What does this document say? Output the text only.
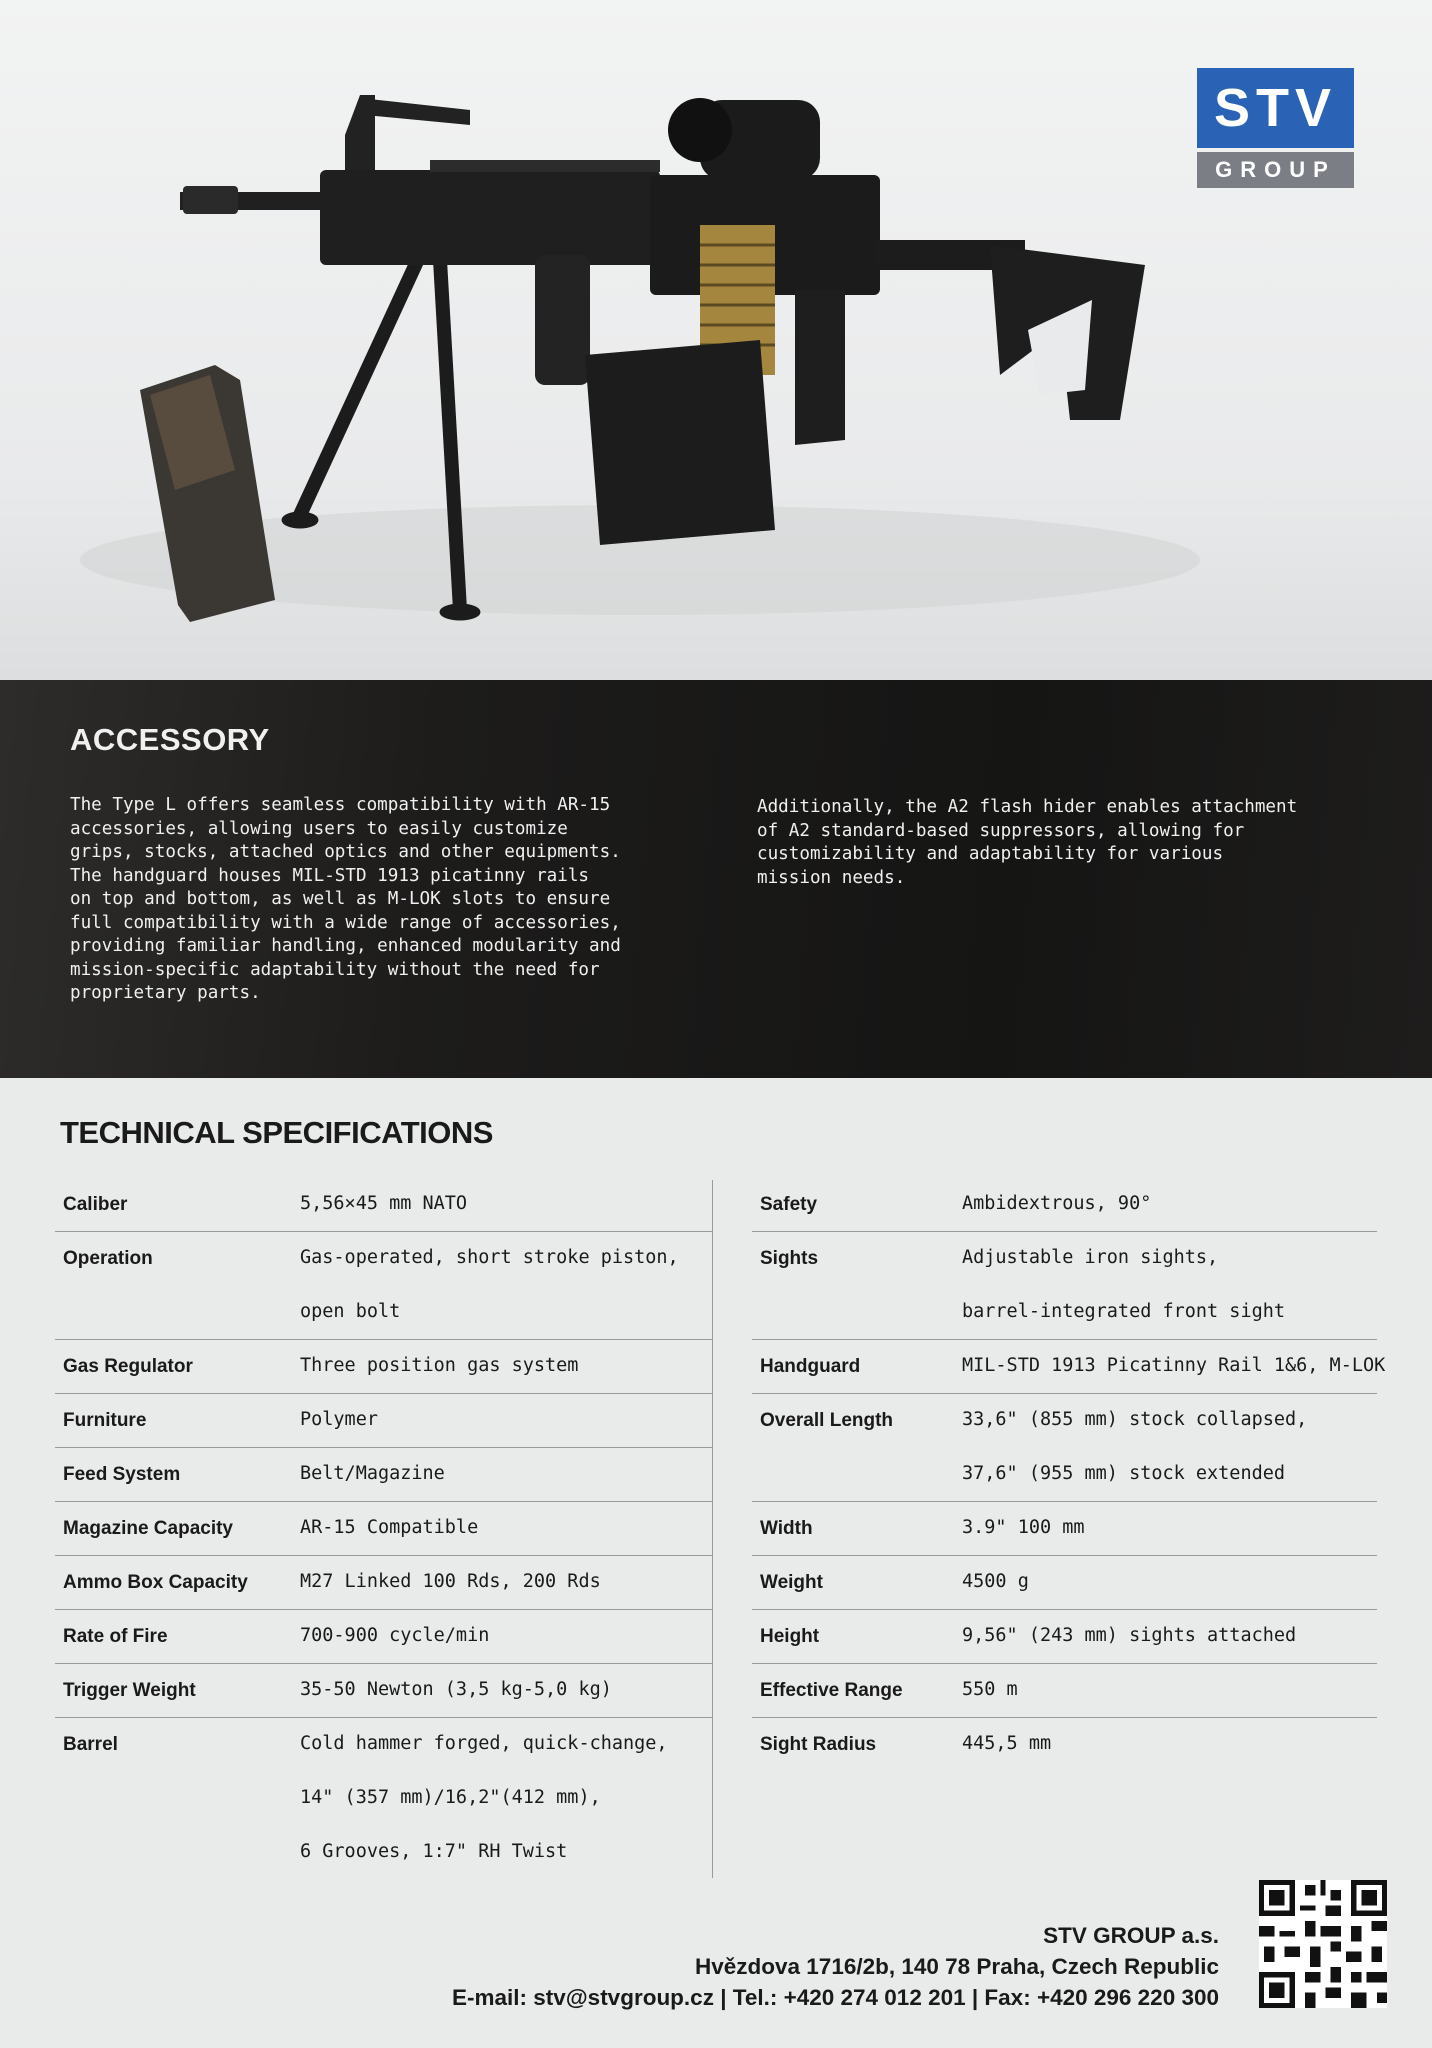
STV
GROUP
ACCESSORY

The Type L offers seamless compatibility with AR-15
accessories, allowing users to easily customize
grips, stocks, attached optics and other equipments.
The handguard houses MIL-STD 1913 picatinny rails
on top and bottom, as well as M-LOK slots to ensure
full compatibility with a wide range of accessories,
providing familiar handling, enhanced modularity and
mission-specific adaptability without the need for
proprietary parts.

Additionally, the A2 flash hider enables attachment
of A2 standard-based suppressors, allowing for
customizability and adaptability for various
mission needs.

TECHNICAL SPECIFICATIONS
Caliber	5,56×45 mm NATO
Operation	Gas-operated, short stroke piston,
open bolt
Gas Regulator	Three position gas system
Furniture	Polymer
Feed System	Belt/Magazine
Magazine Capacity	AR-15 Compatible
Ammo Box Capacity	M27 Linked 100 Rds, 200 Rds
Rate of Fire	700-900 cycle/min
Trigger Weight	35-50 Newton (3,5 kg-5,0 kg)
Barrel	Cold hammer forged, quick-change,
14" (357 mm)/16,2"(412 mm),
6 Grooves, 1:7" RH Twist
Safety	Ambidextrous, 90°
Sights	Adjustable iron sights,
barrel-integrated front sight
Handguard	MIL-STD 1913 Picatinny Rail 1&6, M-LOK
Overall Length	33,6" (855 mm) stock collapsed,
37,6" (955 mm) stock extended
Width	3.9" 100 mm
Weight	4500 g
Height	9,56" (243 mm) sights attached
Effective Range	550 m
Sight Radius	445,5 mm
STV GROUP a.s.
Hvězdova 1716/2b, 140 78 Praha, Czech Republic
E-mail: stv@stvgroup.cz | Tel.: +420 274 012 201 | Fax: +420 296 220 300
